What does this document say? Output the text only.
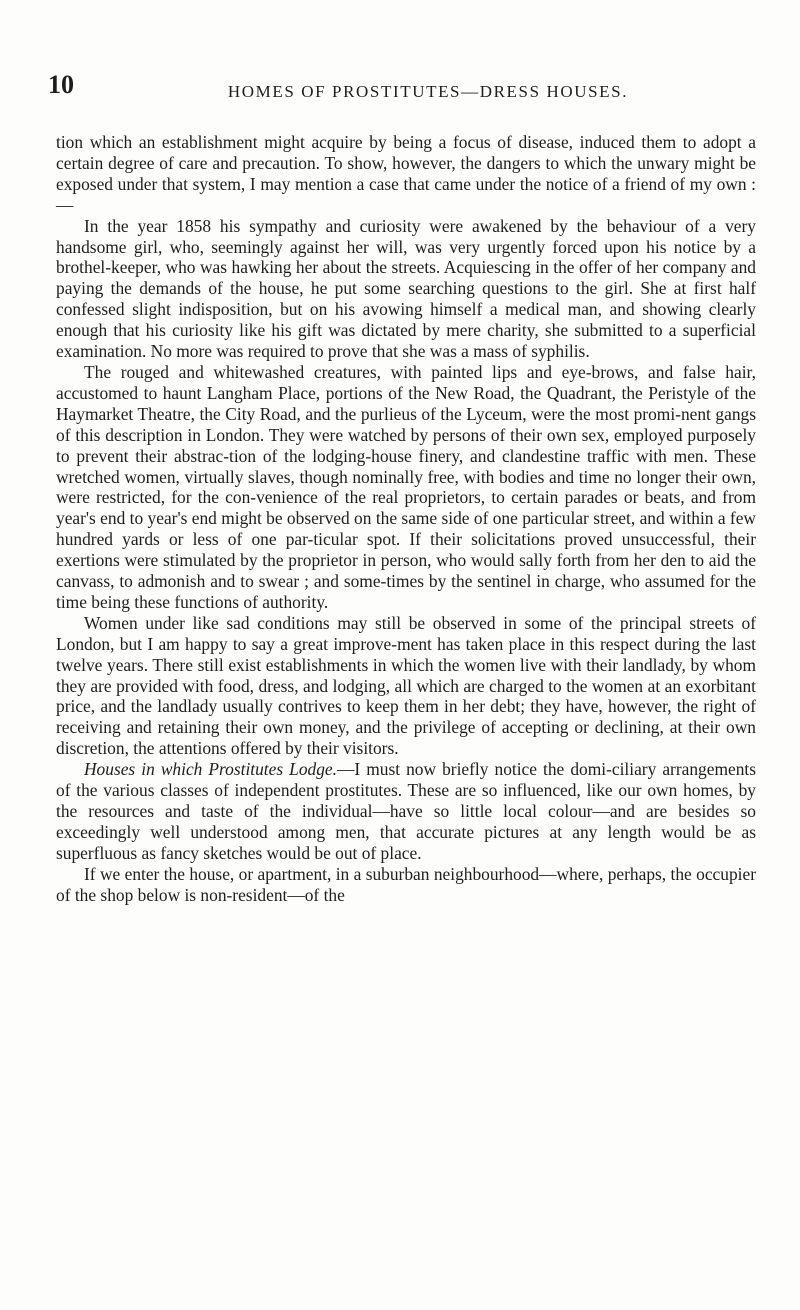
10	HOMES OF PROSTITUTES—DRESS HOUSES.

tion which an establishment might acquire by being a focus of disease, induced them to adopt a certain degree of care and precaution. To show, however, the dangers to which the unwary might be exposed under that system, I may mention a case that came under the notice of a friend of my own :—

In the year 1858 his sympathy and curiosity were awakened by the behaviour of a very handsome girl, who, seemingly against her will, was very urgently forced upon his notice by a brothel-keeper, who was hawking her about the streets. Acquiescing in the offer of her company and paying the demands of the house, he put some searching questions to the girl. She at first half confessed slight indisposition, but on his avowing himself a medical man, and showing clearly enough that his curiosity like his gift was dictated by mere charity, she submitted to a superficial examination. No more was required to prove that she was a mass of syphilis.

The rouged and whitewashed creatures, with painted lips and eye-brows, and false hair, accustomed to haunt Langham Place, portions of the New Road, the Quadrant, the Peristyle of the Haymarket Theatre, the City Road, and the purlieus of the Lyceum, were the most promi-nent gangs of this description in London. They were watched by persons of their own sex, employed purposely to prevent their abstrac-tion of the lodging-house finery, and clandestine traffic with men. These wretched women, virtually slaves, though nominally free, with bodies and time no longer their own, were restricted, for the con-venience of the real proprietors, to certain parades or beats, and from year's end to year's end might be observed on the same side of one particular street, and within a few hundred yards or less of one par-ticular spot. If their solicitations proved unsuccessful, their exertions were stimulated by the proprietor in person, who would sally forth from her den to aid the canvass, to admonish and to swear ; and some-times by the sentinel in charge, who assumed for the time being these functions of authority.

Women under like sad conditions may still be observed in some of the principal streets of London, but I am happy to say a great improve-ment has taken place in this respect during the last twelve years. There still exist establishments in which the women live with their landlady, by whom they are provided with food, dress, and lodging, all which are charged to the women at an exorbitant price, and the landlady usually contrives to keep them in her debt; they have, however, the right of receiving and retaining their own money, and the privilege of accepting or declining, at their own discretion, the attentions offered by their visitors.

Houses in which Prostitutes Lodge.—I must now briefly notice the domi-ciliary arrangements of the various classes of independent prostitutes. These are so influenced, like our own homes, by the resources and taste of the individual—have so little local colour—and are besides so exceedingly well understood among men, that accurate pictures at any length would be as superfluous as fancy sketches would be out of place.

If we enter the house, or apartment, in a suburban neighbourhood—where, perhaps, the occupier of the shop below is non-resident—of the
